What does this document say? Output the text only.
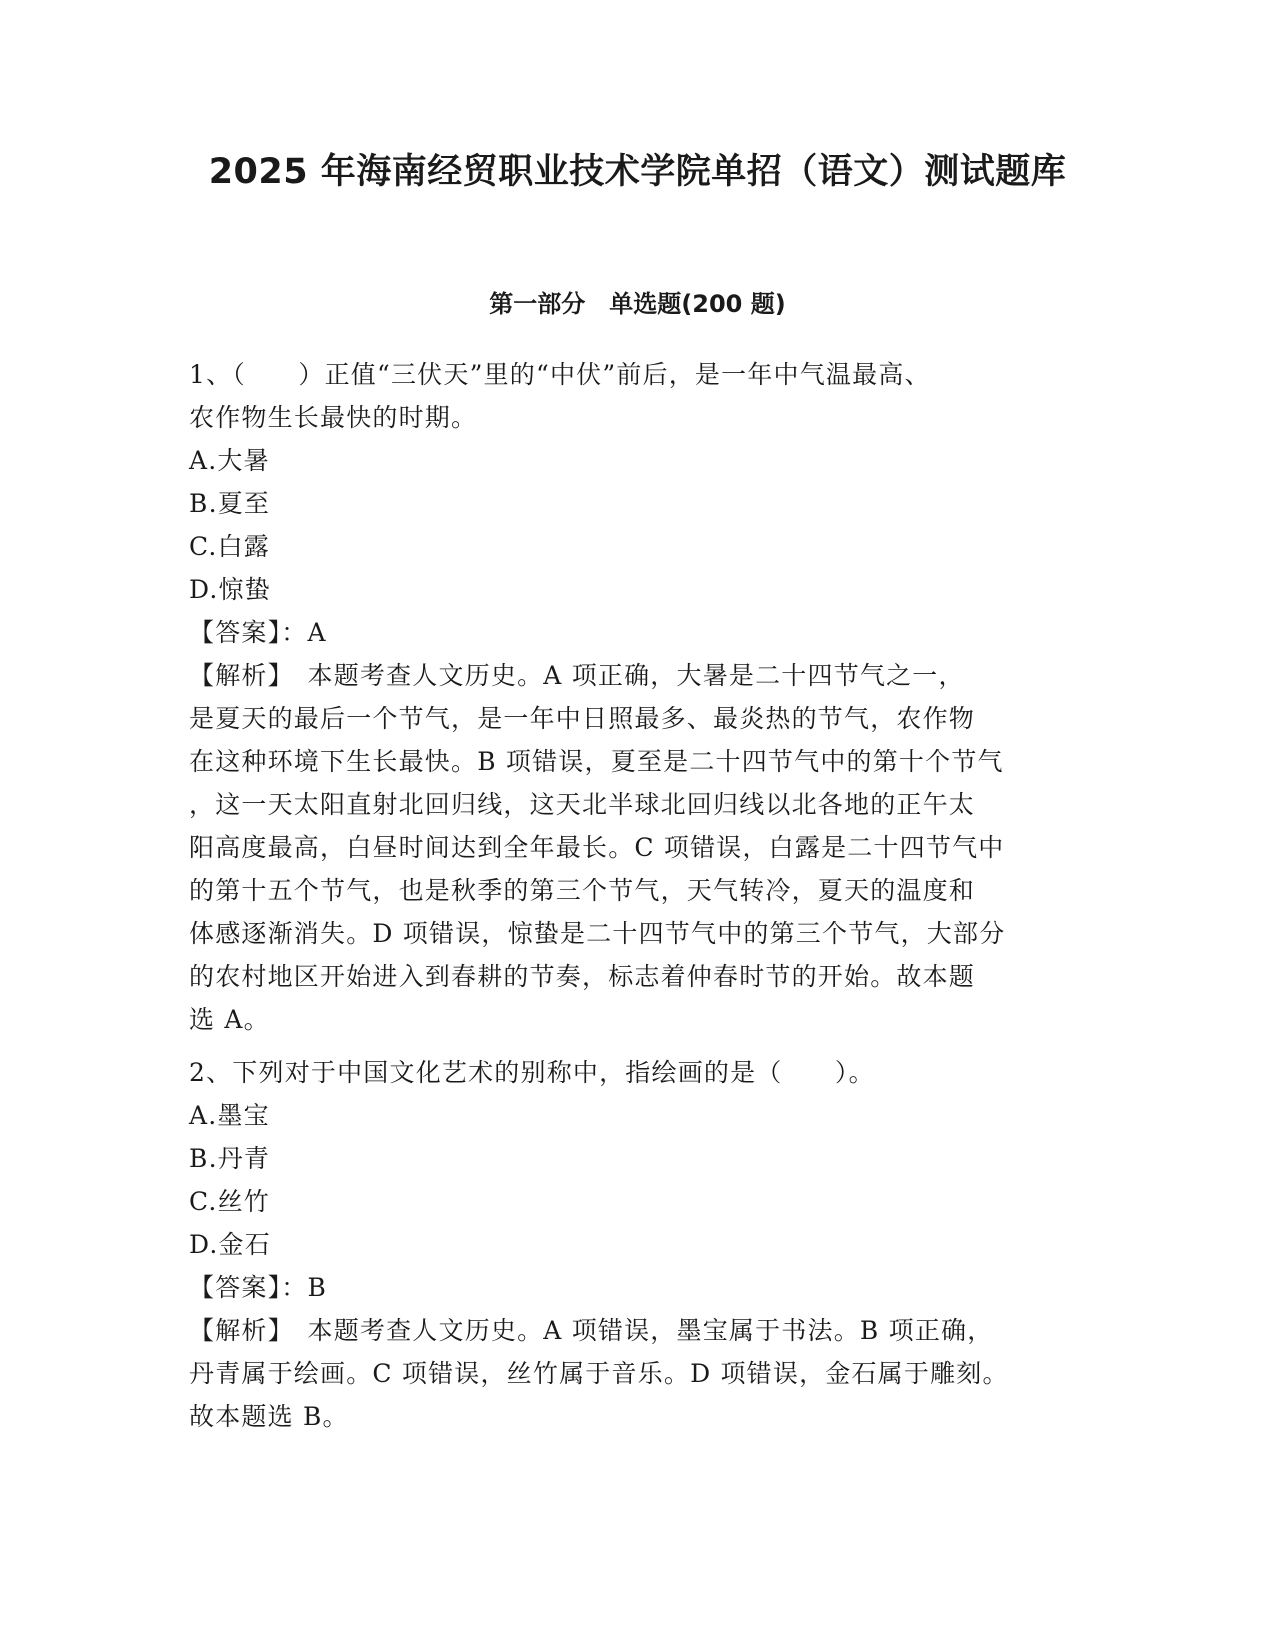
2025 年海南经贸职业技术学院单招（语文）测试题库
第一部分　单选题(200 题)
1、（　　）正值“三伏天”里的“中伏”前后，是一年中气温最高、
农作物生长最快的时期。
A.大暑
B.夏至
C.白露
D.惊蛰
【答案】：A
【解析】　本题考查人文历史。A 项正确，大暑是二十四节气之一，
是夏天的最后一个节气，是一年中日照最多、最炎热的节气，农作物
在这种环境下生长最快。B 项错误，夏至是二十四节气中的第十个节气
，这一天太阳直射北回归线，这天北半球北回归线以北各地的正午太
阳高度最高，白昼时间达到全年最长。C 项错误，白露是二十四节气中
的第十五个节气，也是秋季的第三个节气，天气转冷，夏天的温度和
体感逐渐消失。D 项错误，惊蛰是二十四节气中的第三个节气，大部分
的农村地区开始进入到春耕的节奏，标志着仲春时节的开始。故本题
选 A。
2、下列对于中国文化艺术的别称中，指绘画的是（　　）。
A.墨宝
B.丹青
C.丝竹
D.金石
【答案】：B
【解析】　本题考查人文历史。A 项错误，墨宝属于书法。B 项正确，
丹青属于绘画。C 项错误，丝竹属于音乐。D 项错误，金石属于雕刻。
故本题选 B。
